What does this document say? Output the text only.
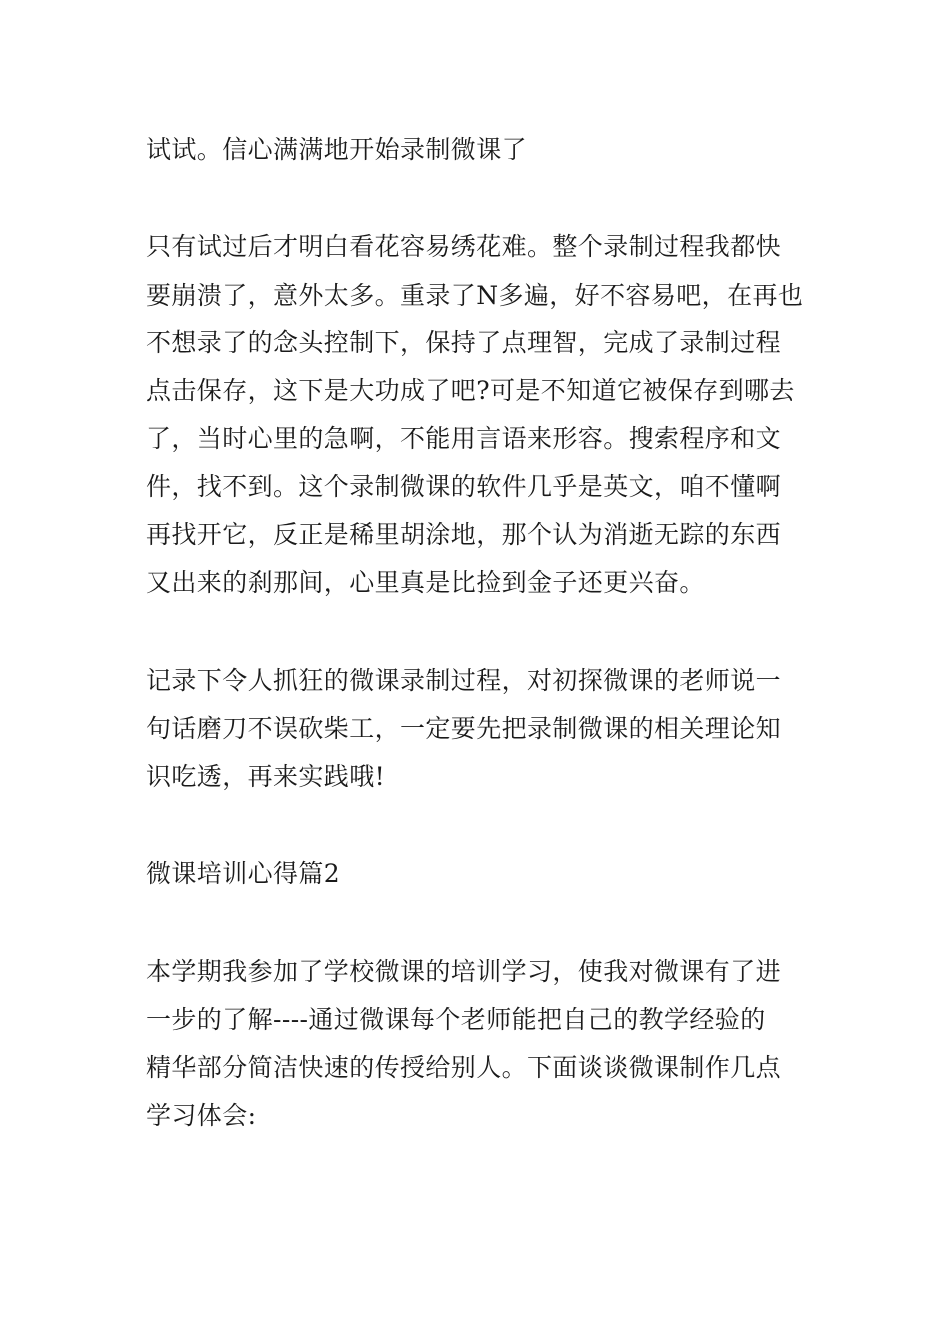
试试。信心满满地开始录制微课了

只有试过后才明白看花容易绣花难。整个录制过程我都快

要崩溃了，意外太多。重录了N多遍，好不容易吧，在再也

不想录了的念头控制下，保持了点理智，完成了录制过程

点击保存，这下是大功成了吧?可是不知道它被保存到哪去

了，当时心里的急啊，不能用言语来形容。搜索程序和文

件，找不到。这个录制微课的软件几乎是英文，咱不懂啊

再找开它，反正是稀里胡涂地，那个认为消逝无踪的东西

又出来的刹那间，心里真是比捡到金子还更兴奋。

记录下令人抓狂的微课录制过程，对初探微课的老师说一

句话磨刀不误砍柴工，一定要先把录制微课的相关理论知

识吃透，再来实践哦!

微课培训心得篇2

本学期我参加了学校微课的培训学习，使我对微课有了进

一步的了解----通过微课每个老师能把自己的教学经验的

精华部分简洁快速的传授给别人。下面谈谈微课制作几点

学习体会:
